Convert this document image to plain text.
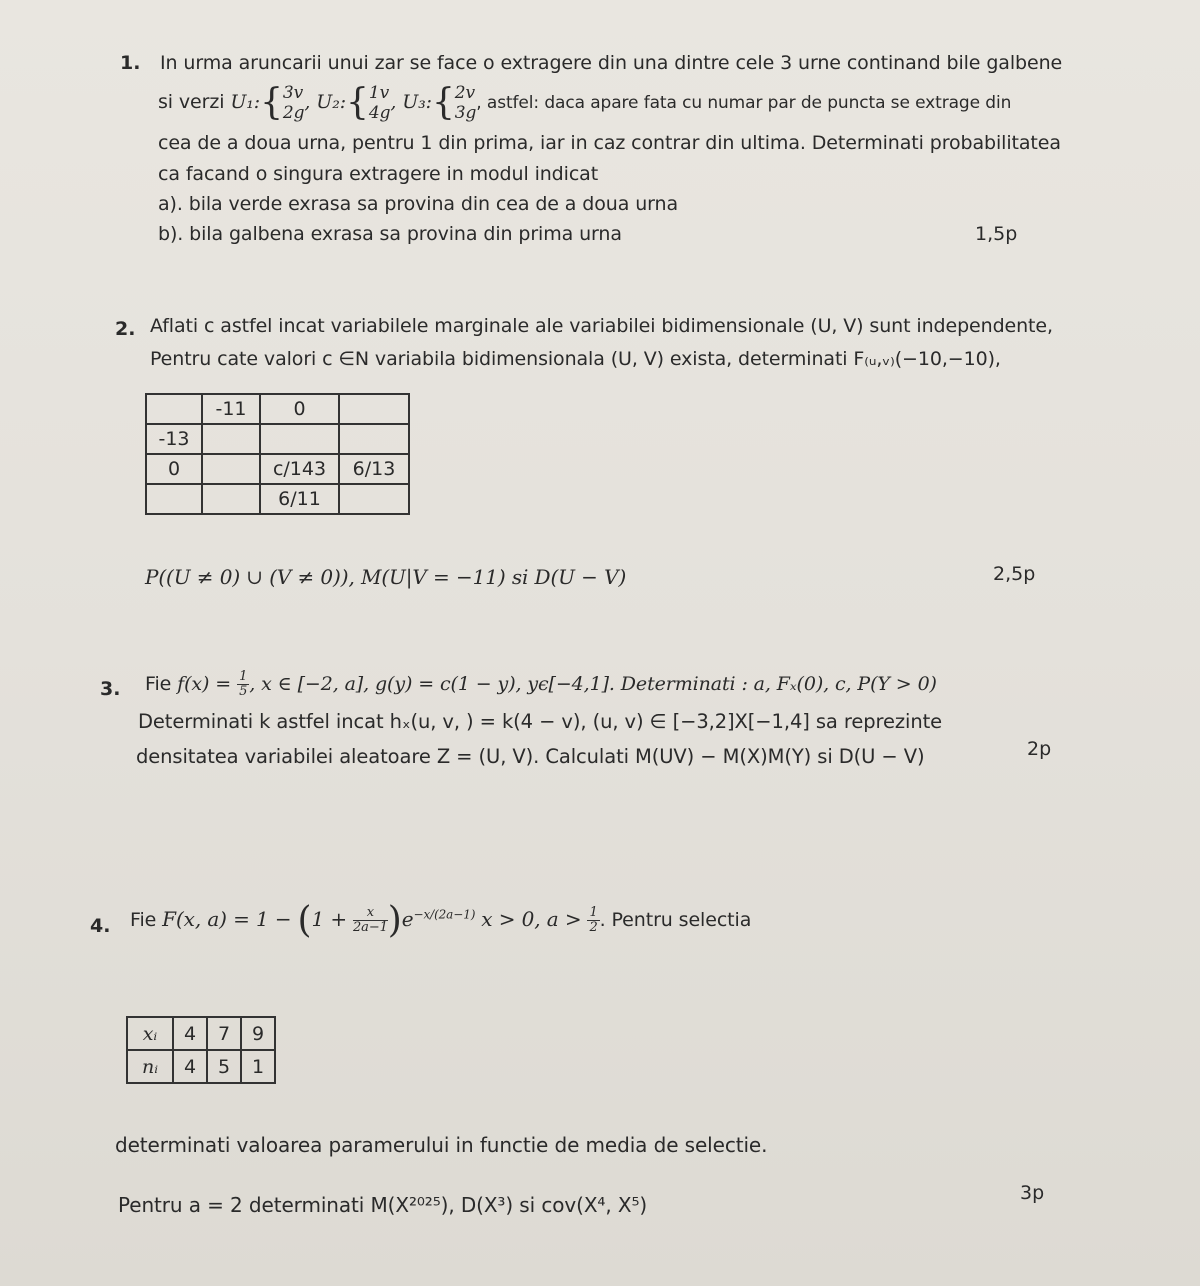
1. In urma aruncarii unui zar se face o extragere din una dintre cele 3 urne continand bile galbene
si verzi U₁:{ 3v
2g , U₂:{ 1v
4g , U₃:{ 2v
3g , astfel: daca apare fata cu numar par de puncta se extrage din
cea de a doua urna, pentru 1 din prima, iar in caz contrar din ultima. Determinati probabilitatea
ca facand o singura extragere in modul indicat
a). bila verde exrasa sa provina din cea de a doua urna
b). bila galbena exrasa sa provina din prima urna	1,5p
2. Aflati c astfel incat variabilele marginale ale variabilei bidimensionale (U, V) sunt independente,
Pentru cate valori c ∈N variabila bidimensionala (U, V) exista, determinati F₍ᵤ,ᵥ₎(−10,−10),
	-11	0	
-13			
0		c/143	6/13
		6/11	
P((U ≠ 0) ∪ (V ≠ 0)), M(U|V = −11) si D(U − V)	2,5p
3. Fie $f(x) = \frac{1}{5}$ , x ∈ [−2, a], g(y) = c(1 − y), yϵ[−4,1]. Determinati : a, Fₓ(0), c, P(Y > 0)
Determinati k astfel incat hₓ(u, v, ) = k(4 − v), (u, v) ∈ [−3,2]X[−1,4] sa reprezinte
densitatea variabilei aleatoare Z = (U, V). Calculati M(UV) − M(X)M(Y) si D(U − V)	2p
4. Fie F(x, $a) = 1 - (1 + \frac{x}{2a-1} )e^{-x/(2a-1)}$ x > 0, $a > \frac{1}{2}$ . Pentru selectia
xᵢ	4	7	9
nᵢ	4	5	1
determinati valoarea paramerului in functie de media de selectie.
Pentru a = 2 determinati M(X²⁰²⁵), D(X³) si cov(X⁴, X⁵)	3p
